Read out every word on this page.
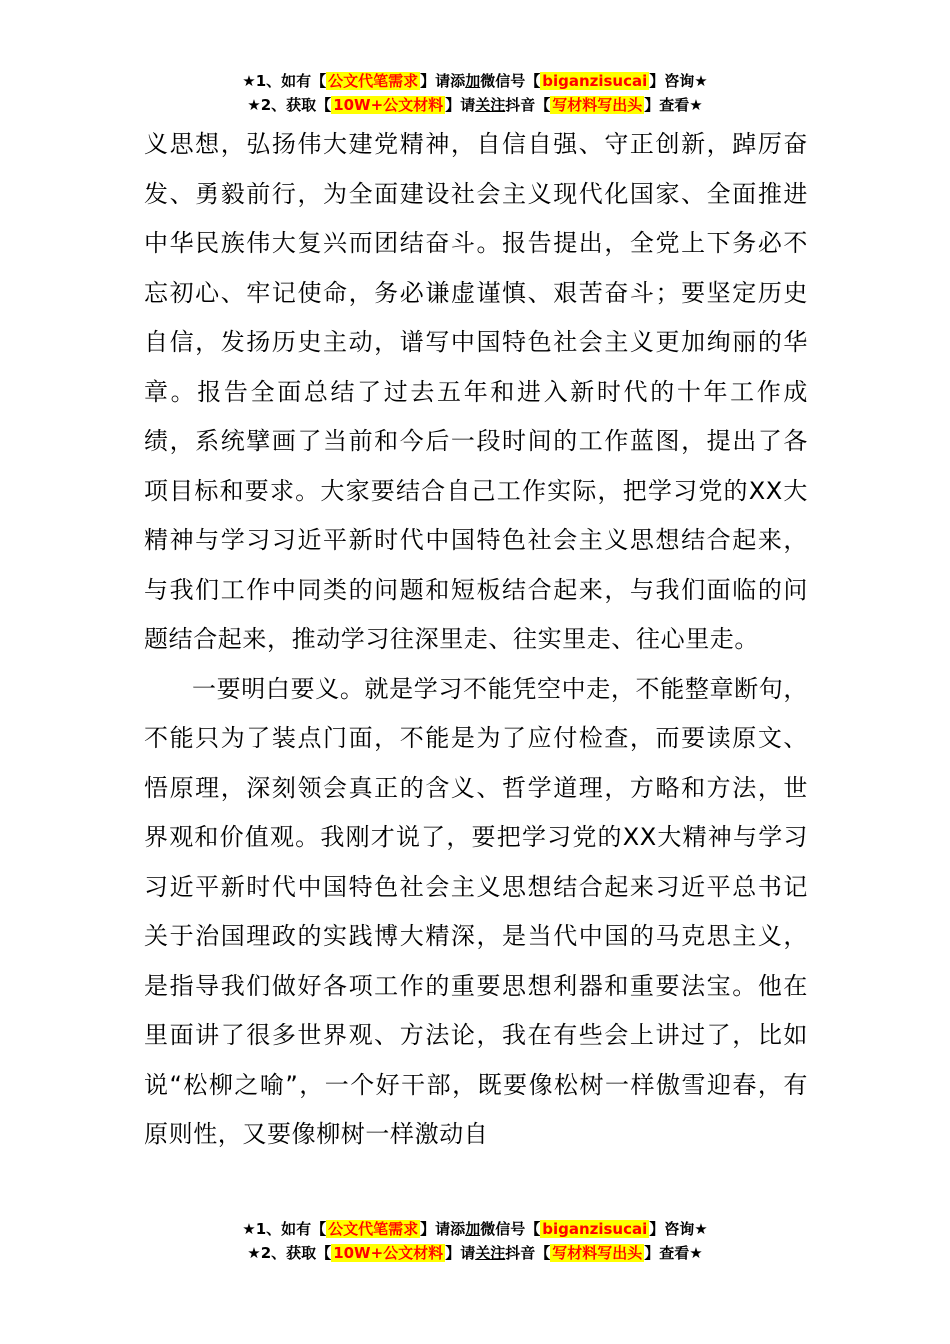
★1、如有【 公文代笔需求 】请添加微信号【 biganzisucai 】咨询★
★2、获取【 10W+公文材料 】请关注抖音【 写材料写出头 】查看★

义思想，弘扬伟大建党精神，自信自强、守正创新，踔厉奋发、勇毅前行，为全面建设社会主义现代化国家、全面推进中华民族伟大复兴而团结奋斗。报告提出，全党上下务必不忘初心、牢记使命，务必谦虚谨慎、艰苦奋斗；要坚定历史自信，发扬历史主动，谱写中国特色社会主义更加绚丽的华章。报告全面总结了过去五年和进入新时代的十年工作成绩，系统擘画了当前和今后一段时间的工作蓝图，提出了各项目标和要求。大家要结合自己工作实际，把学习党的XX大精神与学习习近平新时代中国特色社会主义思想结合起来，与我们工作中同类的问题和短板结合起来，与我们面临的问题结合起来，推动学习往深里走、往实里走、往心里走。

一要明白要义。就是学习不能凭空中走，不能整章断句，不能只为了装点门面，不能是为了应付检查，而要读原文、悟原理，深刻领会真正的含义、哲学道理，方略和方法，世界观和价值观。我刚才说了，要把学习党的XX大精神与学习习近平新时代中国特色社会主义思想结合起来习近平总书记关于治国理政的实践博大精深，是当代中国的马克思主义，是指导我们做好各项工作的重要思想利器和重要法宝。他在里面讲了很多世界观、方法论，我在有些会上讲过了，比如说“松柳之喻”，一个好干部，既要像松树一样傲雪迎春，有原则性，又要像柳树一样激动自

★1、如有【 公文代笔需求 】请添加微信号【 biganzisucai 】咨询★
★2、获取【 10W+公文材料 】请关注抖音【 写材料写出头 】查看★
